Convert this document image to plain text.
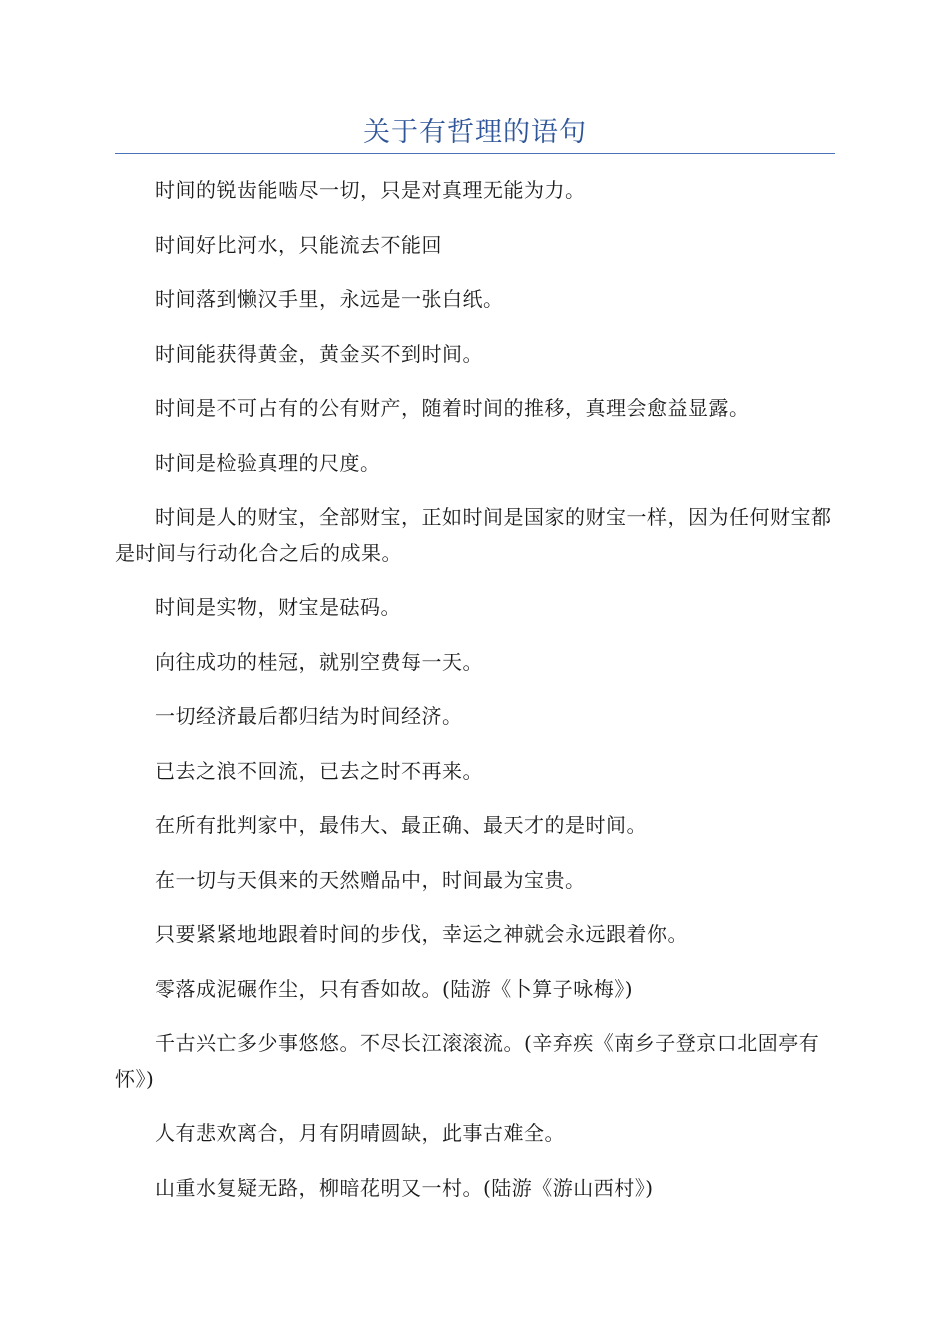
关于有哲理的语句

时间的锐齿能啮尽一切，只是对真理无能为力。

时间好比河水，只能流去不能回

时间落到懒汉手里，永远是一张白纸。

时间能获得黄金，黄金买不到时间。

时间是不可占有的公有财产，随着时间的推移，真理会愈益显露。

时间是检验真理的尺度。

时间是人的财宝，全部财宝，正如时间是国家的财宝一样，因为任何财宝都是时间与行动化合之后的成果。

时间是实物，财宝是砝码。

向往成功的桂冠，就别空费每一天。

一切经济最后都归结为时间经济。

已去之浪不回流，已去之时不再来。

在所有批判家中，最伟大、最正确、最天才的是时间。

在一切与天俱来的天然赠品中，时间最为宝贵。

只要紧紧地地跟着时间的步伐，幸运之神就会永远跟着你。

零落成泥碾作尘，只有香如故。(陆游《卜算子咏梅》)

千古兴亡多少事悠悠。不尽长江滚滚流。(辛弃疾《南乡子登京口北固亭有怀》)

人有悲欢离合，月有阴晴圆缺，此事古难全。

山重水复疑无路，柳暗花明又一村。(陆游《游山西村》)
